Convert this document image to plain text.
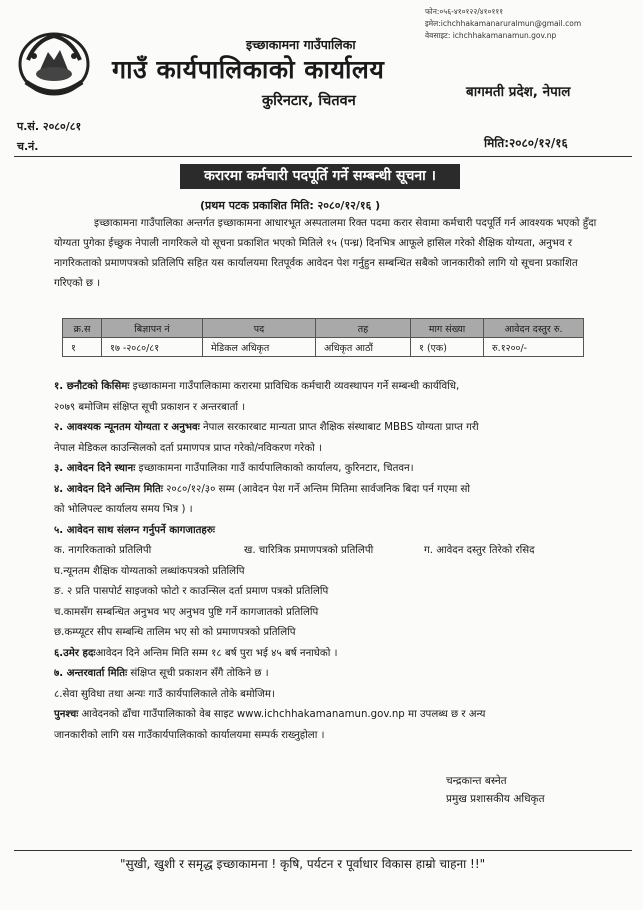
फोन:०५६-४१०१२२/४१०१११
इमेल:ichchhakamanaruralmun@gmail.com
वेवसाइट: ichchhakamanamun.gov.np
इच्छाकामना गाउँपालिका
गाउँ कार्यपालिकाको कार्यालय
कुरिनटार, चितवन
बागमती प्रदेश, नेपाल
प.सं. २०८०/८१
च.नं.	मिति:२०८०/१२/१६
करारमा कर्मचारी पदपूर्ति गर्ने सम्बन्धी सूचना ।
(प्रथम पटक प्रकाशित मिति: २०८०/१२/१६ )
इच्छाकामना गाउँपालिका अन्तर्गत इच्छाकामना आधारभूत अस्पतालमा रिक्त पदमा करार सेवामा कर्मचारी पदपूर्ति गर्न आवश्यक भएको हुँदा योग्यता पुगेका ईच्छुक नेपाली नागरिकले यो सूचना प्रकाशित भएको मितिले १५ (पन्ध्र) दिनभित्र आफूले हासिल गरेको शैक्षिक योग्यता, अनुभव र नागरिकताको प्रमाणपत्रको प्रतिलिपि सहित यस कार्यालयमा रितपूर्वक आवेदन पेश गर्नुहुन सम्बन्धित सबैको जानकारीको लागि यो सूचना प्रकाशित गरिएको छ ।
क्र.स	बिज्ञापन नं	पद	तह	माग संख्या	आवेदन दस्तुर रु.
१	१७ -२०८०/८१	मेडिकल अधिकृत	अधिकृत आठौं	१ (एक)	रु.१२००/-
१. छनौटको किसिमः इच्छाकामना गाउँपालिकामा करारमा प्राविधिक कर्मचारी व्यवस्थापन गर्ने सम्बन्धी कार्यविधि,
२०७९ बमोजिम संक्षिप्त सूची प्रकाशन र अन्तरबार्ता ।
२. आवश्यक न्यूनतम योग्यता र अनुभवः नेपाल सरकारबाट मान्यता प्राप्त शैक्षिक संस्थाबाट MBBS योग्यता प्राप्त गरी
नेपाल मेडिकल काउन्सिलको दर्ता प्रमाणपत्र प्राप्त गरेको/नविकरण गरेको ।
३. आवेदन दिने स्थानः इच्छाकामना गाउँपालिका गाउँ कार्यपालिकाको कार्यालय, कुरिनटार, चितवन।
४. आवेदन दिने अन्तिम मितिः २०८०/१२/३० सम्म (आवेदन पेश गर्ने अन्तिम मितिमा सार्वजनिक बिदा पर्न गएमा सो
को भोलिपल्ट कार्यालय समय भित्र ) ।
५. आवेदन साथ संलग्न गर्नुपर्ने कागजातहरुः
क. नागरिकताको प्रतिलिपी	ख. चारित्रिक प्रमाणपत्रको प्रतिलिपी	ग. आवेदन दस्तुर तिरेको रसिद
घ.न्यूनतम शैक्षिक योग्यताको लब्धांकपत्रको प्रतिलिपि
ङ. २ प्रति पासपोर्ट साइजको फोटो र काउन्सिल दर्ता प्रमाण पत्रको प्रतिलिपि
च.कामसँग सम्बन्धित अनुभव भए अनुभव पुष्टि गर्ने कागजातको प्रतिलिपि
छ.कम्प्यूटर सीप सम्बन्धि तालिम भए सो को प्रमाणपत्रको प्रतिलिपि
६.उमेर हदःआवेदन दिने अन्तिम मिति सम्म १८ बर्ष पुरा भई ४५ बर्ष ननाघेको ।
७. अन्तरवार्ता मितिः संक्षिप्त सूची प्रकाशन सँगै तोकिने छ ।
८.सेवा सुविधा तथा अन्यः गाउँ कार्यपालिकाले तोके बमोजिम।
पुनश्चः आवेदनको ढाँचा गाउँपालिकाको वेब साइट www.ichchhakamanamun.gov.np मा उपलब्ध छ र अन्य
जानकारीको लागि यस गाउँकार्यपालिकाको कार्यालयमा सम्पर्क राख्नुहोला ।
चन्द्रकान्त बस्नेत
प्रमुख प्रशासकीय अधिकृत
"सुखी, खुशी र समृद्ध इच्छाकामना ! कृषि, पर्यटन र पूर्वाधार विकास हाम्रो चाहना !!"
